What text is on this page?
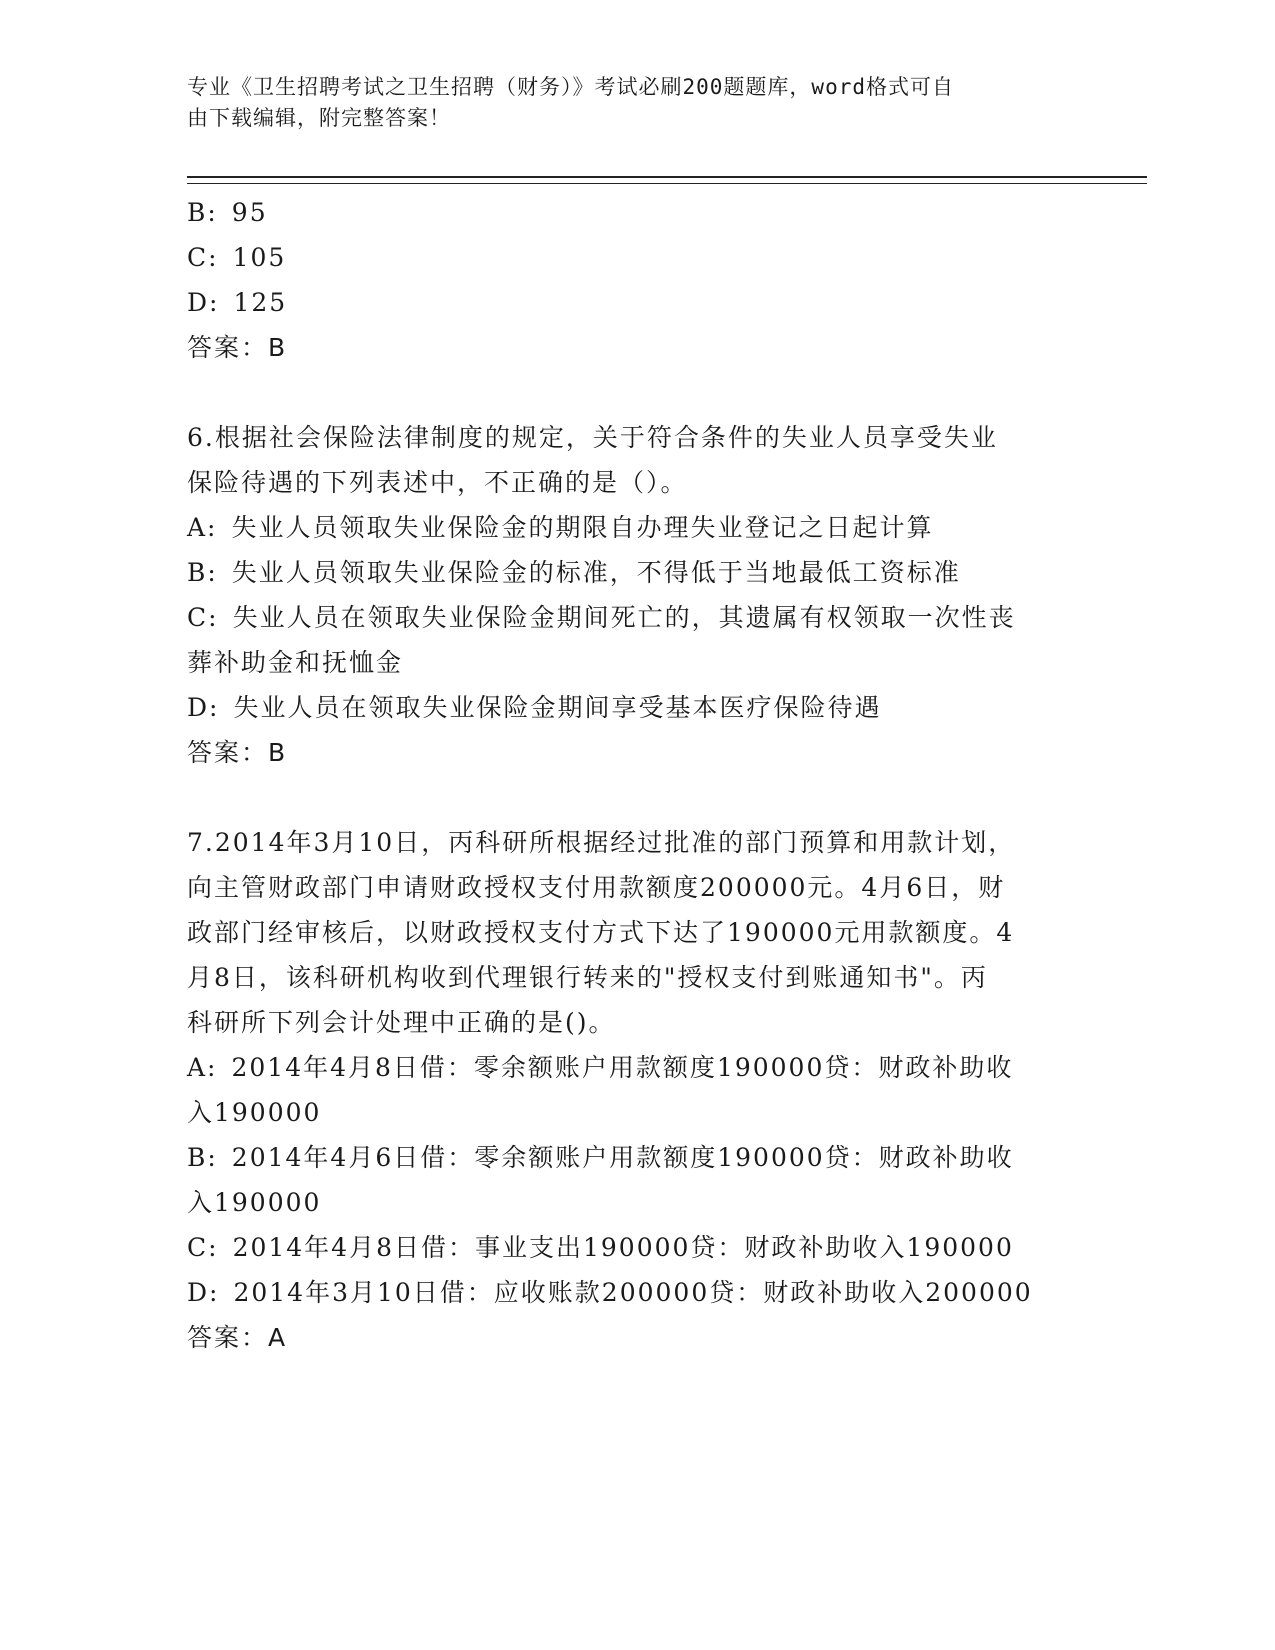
专业《卫生招聘考试之卫生招聘（财务）》考试必刷200题题库，word格式可自
由下载编辑，附完整答案！

B: 95

C: 105

D: 125

答案：B

6.根据社会保险法律制度的规定，关于符合条件的失业人员享受失业

保险待遇的下列表述中，不正确的是（）。

A: 失业人员领取失业保险金的期限自办理失业登记之日起计算

B: 失业人员领取失业保险金的标准，不得低于当地最低工资标准

C: 失业人员在领取失业保险金期间死亡的，其遗属有权领取一次性丧

葬补助金和抚恤金

D: 失业人员在领取失业保险金期间享受基本医疗保险待遇

答案：B

7.2014年3月10日，丙科研所根据经过批准的部门预算和用款计划，

向主管财政部门申请财政授权支付用款额度200000元。4月6日，财

政部门经审核后，以财政授权支付方式下达了190000元用款额度。4

月8日，该科研机构收到代理银行转来的"授权支付到账通知书"。丙

科研所下列会计处理中正确的是()。

A: 2014年4月8日借：零余额账户用款额度190000贷：财政补助收

入190000

B: 2014年4月6日借：零余额账户用款额度190000贷：财政补助收

入190000

C: 2014年4月8日借：事业支出190000贷：财政补助收入190000

D: 2014年3月10日借：应收账款200000贷：财政补助收入200000

答案：A
